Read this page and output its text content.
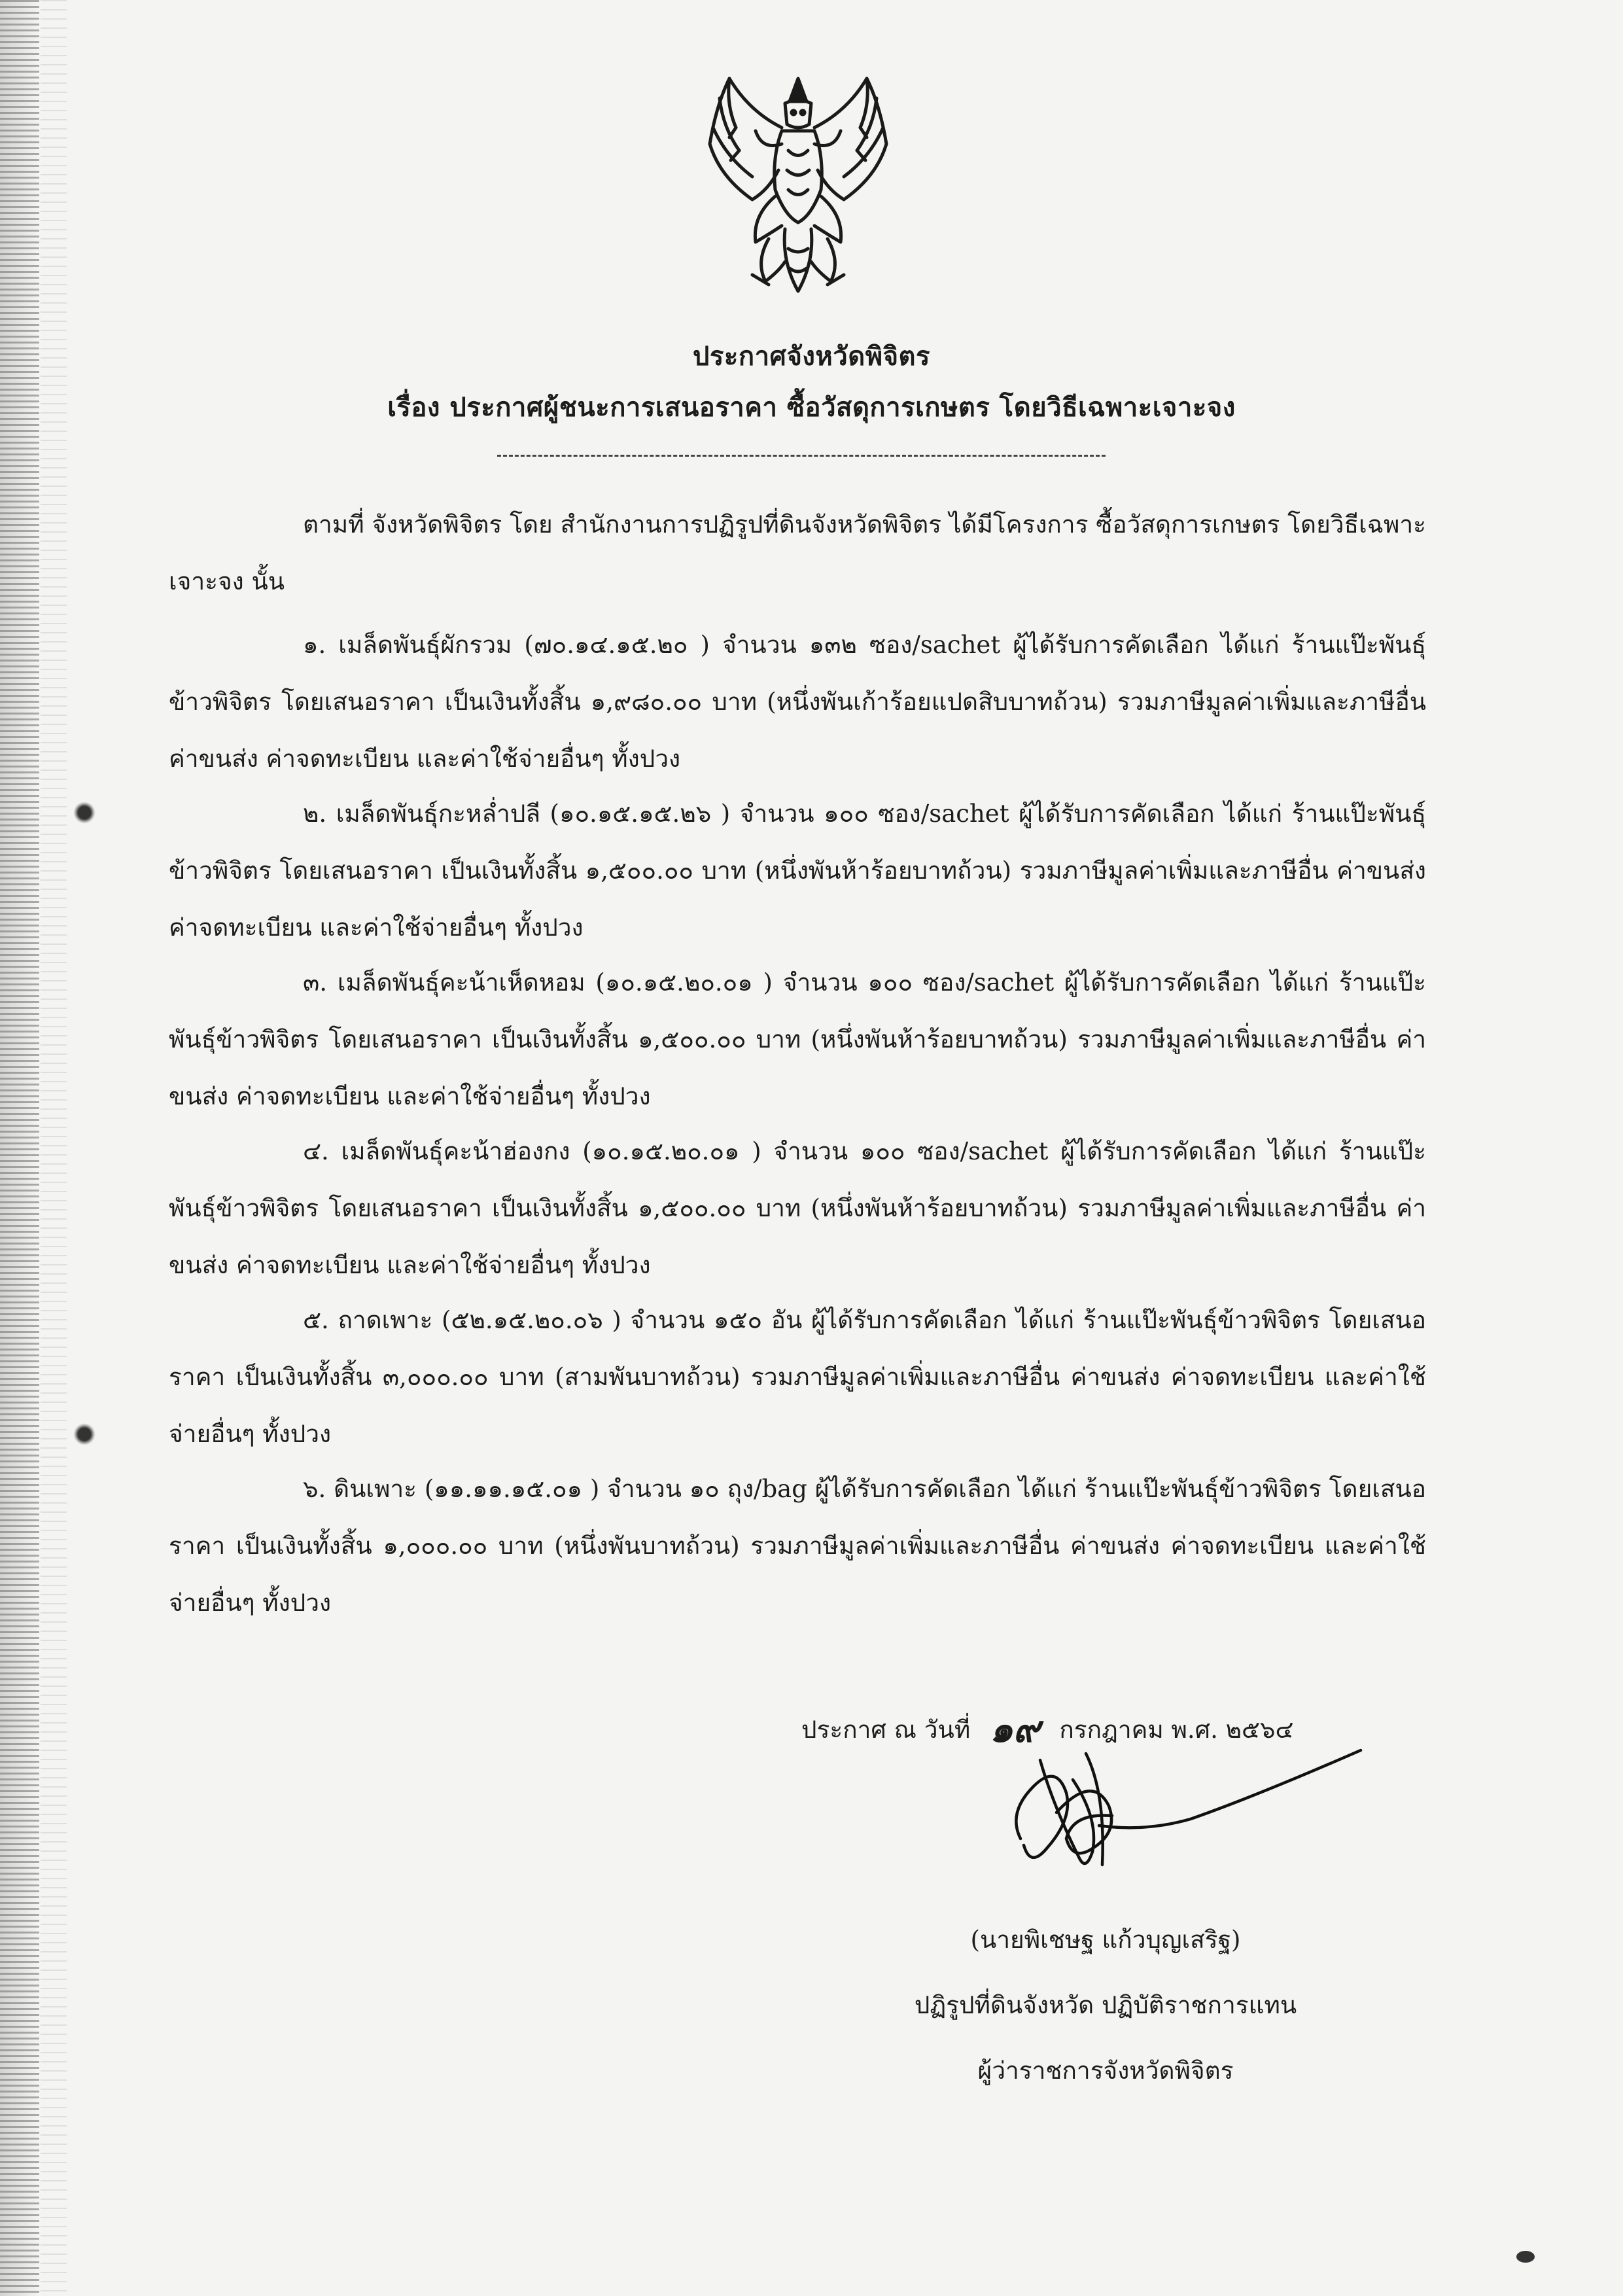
ประกาศจังหวัดพิจิตร
เรื่อง ประกาศผู้ชนะการเสนอราคา ซื้อวัสดุการเกษตร โดยวิธีเฉพาะเจาะจง
ตามที่ จังหวัดพิจิตร โดย สำนักงานการปฏิรูปที่ดินจังหวัดพิจิตร ได้มีโครงการ ซื้อวัสดุการเกษตร โดยวิธีเฉพาะเจาะจง นั้น
๑. เมล็ดพันธุ์ผักรวม (๗๐.๑๔.๑๕.๒๐ ) จำนวน ๑๓๒ ซอง/sachet ผู้ได้รับการคัดเลือก ได้แก่ ร้านแป๊ะพันธุ์ข้าวพิจิตร โดยเสนอราคา เป็นเงินทั้งสิ้น ๑,๙๘๐.๐๐ บาท (หนึ่งพันเก้าร้อยแปดสิบบาทถ้วน) รวมภาษีมูลค่าเพิ่มและภาษีอื่น ค่าขนส่ง ค่าจดทะเบียน และค่าใช้จ่ายอื่นๆ ทั้งปวง
๒. เมล็ดพันธุ์กะหล่ำปลี (๑๐.๑๕.๑๕.๒๖ ) จำนวน ๑๐๐ ซอง/sachet ผู้ได้รับการคัดเลือก ได้แก่ ร้านแป๊ะพันธุ์ข้าวพิจิตร โดยเสนอราคา เป็นเงินทั้งสิ้น ๑,๕๐๐.๐๐ บาท (หนึ่งพันห้าร้อยบาทถ้วน) รวมภาษีมูลค่าเพิ่มและภาษีอื่น ค่าขนส่ง ค่าจดทะเบียน และค่าใช้จ่ายอื่นๆ ทั้งปวง
๓. เมล็ดพันธุ์คะน้าเห็ดหอม (๑๐.๑๕.๒๐.๐๑ ) จำนวน ๑๐๐ ซอง/sachet ผู้ได้รับการคัดเลือก ได้แก่ ร้านแป๊ะพันธุ์ข้าวพิจิตร โดยเสนอราคา เป็นเงินทั้งสิ้น ๑,๕๐๐.๐๐ บาท (หนึ่งพันห้าร้อยบาทถ้วน) รวมภาษีมูลค่าเพิ่มและภาษีอื่น ค่าขนส่ง ค่าจดทะเบียน และค่าใช้จ่ายอื่นๆ ทั้งปวง
๔. เมล็ดพันธุ์คะน้าฮ่องกง (๑๐.๑๕.๒๐.๐๑ ) จำนวน ๑๐๐ ซอง/sachet ผู้ได้รับการคัดเลือก ได้แก่ ร้านแป๊ะพันธุ์ข้าวพิจิตร โดยเสนอราคา เป็นเงินทั้งสิ้น ๑,๕๐๐.๐๐ บาท (หนึ่งพันห้าร้อยบาทถ้วน) รวมภาษีมูลค่าเพิ่มและภาษีอื่น ค่าขนส่ง ค่าจดทะเบียน และค่าใช้จ่ายอื่นๆ ทั้งปวง
๕. ถาดเพาะ (๕๒.๑๕.๒๐.๐๖ ) จำนวน ๑๕๐ อัน ผู้ได้รับการคัดเลือก ได้แก่ ร้านแป๊ะพันธุ์ข้าวพิจิตร โดยเสนอราคา เป็นเงินทั้งสิ้น ๓,๐๐๐.๐๐ บาท (สามพันบาทถ้วน) รวมภาษีมูลค่าเพิ่มและภาษีอื่น ค่าขนส่ง ค่าจดทะเบียน และค่าใช้จ่ายอื่นๆ ทั้งปวง
๖. ดินเพาะ (๑๑.๑๑.๑๕.๐๑ ) จำนวน ๑๐ ถุง/bag ผู้ได้รับการคัดเลือก ได้แก่ ร้านแป๊ะพันธุ์ข้าวพิจิตร โดยเสนอราคา เป็นเงินทั้งสิ้น ๑,๐๐๐.๐๐ บาท (หนึ่งพันบาทถ้วน) รวมภาษีมูลค่าเพิ่มและภาษีอื่น ค่าขนส่ง ค่าจดทะเบียน และค่าใช้จ่ายอื่นๆ ทั้งปวง
ประกาศ ณ วันที่ ๑๙ กรกฎาคม พ.ศ. ๒๕๖๔
(นายพิเชษฐ แก้วบุญเสริฐ)
ปฏิรูปที่ดินจังหวัด ปฏิบัติราชการแทน
ผู้ว่าราชการจังหวัดพิจิตร
